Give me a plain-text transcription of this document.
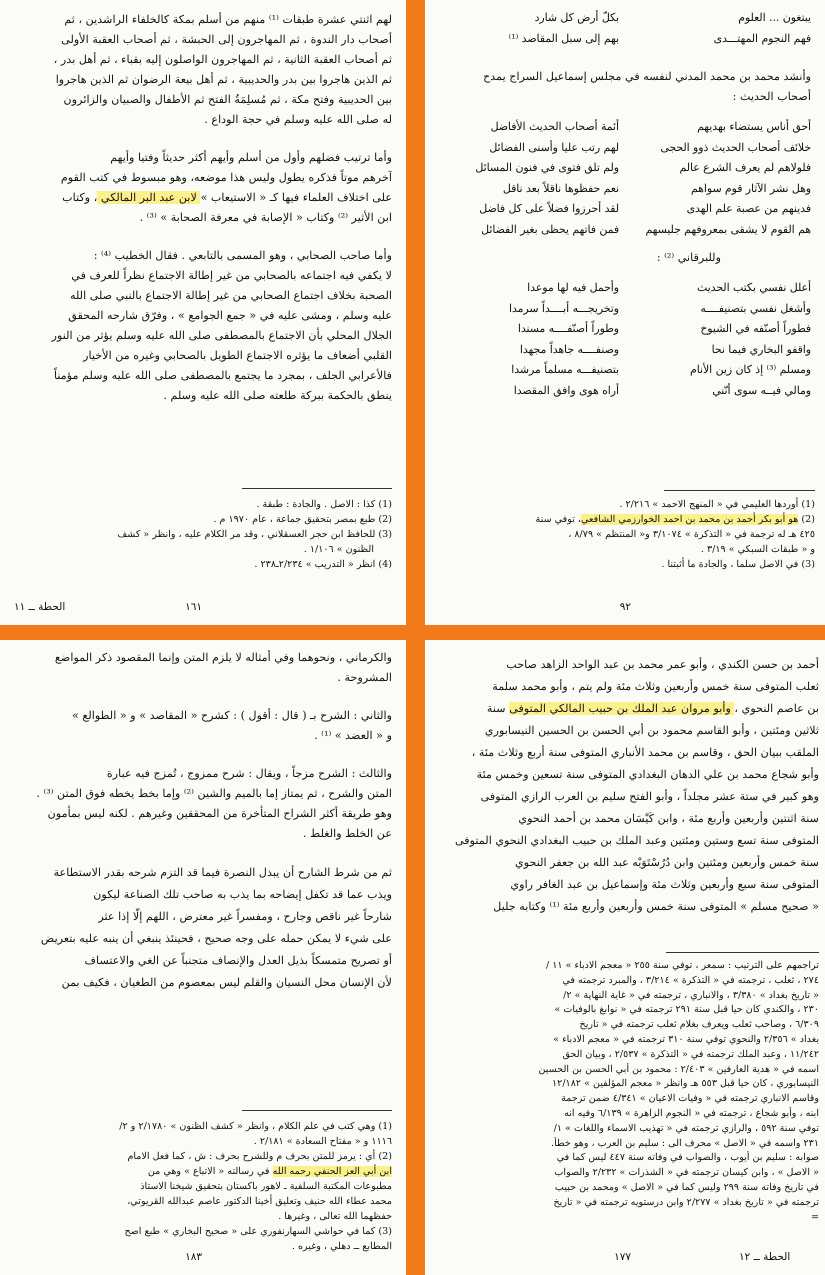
لهم اثنتي عشرة طبقات ⁽¹⁾ منهم من أسلم بمكة كالخلفاء الراشدين ، ثم
أصحاب دار الندوة ، ثم المهاجرون إلى الحبشة ، ثم أصحاب العقبة الأولى
ثم أصحاب العقبة الثانية ، ثم المهاجرون الواصلون إليه بقباء ، ثم أهل بدر ،
ثم الذين هاجروا بين بدر والحديبية ، ثم أهل بيعة الرضوان ثم الذين هاجروا
بين الحديبية وفتح مكة ، ثم مُسلِمَةُ الفتح ثم الأطفال والصبيان والزائرون
له صلى الله عليه وسلم في حجة الوداع .
وأما ترتيب فضلهم وأول من أسلم وأيهم أكثر حديثاً وفتيا وأيهم
آخرهم موتاً فذكره يطول وليس هذا موضعه، وهو مبسوط في كتب القوم
على اختلاف العلماء فيها كـ « الاستيعاب » لابن عبد البر المالكي ، وكتاب
ابن الأثير ⁽²⁾ وكتاب « الإصابة في معرفة الصحابة » ⁽³⁾ .
وأما صاحب الصحابي ، وهو المسمى بالتابعي . فقال الخطيب ⁽⁴⁾ :
لا يكفي فيه اجتماعه بالصحابي من غير إطالة الاجتماع نظراً للعرف في
الصحبة بخلاف اجتماع الصحابي من غير إطالة الاجتماع بالنبي صلى الله
عليه وسلم ، ومشى عليه في « جمع الجوامع » ، وفرّق شارحه المحقق
الجلال المحلي بأن الاجتماع بالمصطفى صلى الله عليه وسلم يؤثر من النور
القلبي أضعاف ما يؤثره الاجتماع الطويل بالصحابي وغيره من الأخيار
فالأعرابي الجلف ، بمجرد ما يجتمع بالمصطفى صلى الله عليه وسلم مؤمناً
ينطق بالحكمة ببركة طلعته صلى الله عليه وسلم .
(1) كذا : الاصل . والجادة : طبقة .
(2) طبع بمصر بتحقيق جماعة ، عام ١٩٧٠ م .
(3) للحافظ ابن حجر العسقلاني ، وقد مر الكلام عليه ، وانظر « كشف
الظنون » ١/١٠٦ .
(4) انظر « التدريب » ٢/٢٣٤ـ٢٣٨ .
١٦١
الحطة ــ ١١
يبتغون ... العلوم
بكلّ أرض كل شارد
فهم النجوم المهتـــدى
بهم إلى سبل المقاصد ⁽¹⁾
وأنشد محمد بن محمد المدني لنفسه في مجلس إسماعيل السراج يمدح
أصحاب الحديث :
أحق أناس يستضاء بهديهم
أئمة أصحاب الحديث الأفاضل
خلائف أصحاب الحديث ذوو الحجى
لهم رتب عليا وأسنى الفضائل
فلولاهم لم يعرف الشرع عالم
ولم تلق فتوى في فنون المسائل
وهل نشر الآثار قوم سواهم
نعم حفظوها ناقلاً بعد ناقل
فدينهم من عصبة علم الهدى
لقد أحرزوا فضلاً على كل فاضل
هم القوم لا يشقى بمعروفهم جليسهم
فمن فاتهم يحظى بغير الفضائل
وللبرقاني ⁽²⁾ :
أعلل نفسي بكتب الحديث
وأحمل فيه لها موعدا
وأشغل نفسي بتصنيفــــه
وتخريجـــه أبــــداً سرمدا
فطوراً أصنّفه في الشيوخ
وطوراً أصنّفــــه مسندا
واقفو البخاري فيما نحا
وصنفــــه جاهداً مجهدا
ومسلم ⁽³⁾ إذ كان زين الأنام
بتصنيفـــه مسلماً مرشدا
ومالي فيــه سوى أنّني
أراه هوى وافق المقصدا
(1) أوردها العليمي في « المنهج الاحمد » ٢/٢١٦ .
(2) هو أبو بكر أحمد بن محمد بن احمد الخوارزمي الشافعي، توفي سنة
٤٢٥ هـ له ترجمة في « التذكرة » ٣/١٠٧٤ و« المنتظم » ٨/٧٩ ،
و « طبقات السبكي » ٣/١٩ .
(3) في الاصل سلما ، والجادة ما أثبتنا .
٩٢
والكرماني ، ونحوهما وفي أمثاله لا يلزم المتن وإنما المقصود ذكر المواضع
المشروحة .
والثاني : الشرح بـ ( قال : أقول ) : كشرح « المقاصد » و « الطوالع »
و « العضد » ⁽¹⁾ .
والثالث : الشرح مزجاً ، ويقال : شرح ممزوج ، تُمزج فيه عبارة
المتن والشرح ، ثم يمتاز إما بالميم والشين ⁽²⁾ وإما بخط يخطه فوق المتن ⁽³⁾ .
وهو طريقة أكثر الشراح المتأخرة من المحققين وغيرهم . لكنه ليس بمأمون
عن الخلط والغلط .
ثم من شرط الشارح أن يبذل النصرة فيما قد التزم شرحه بقدر الاستطاعة
ويذب عما قد تكفل إيضاحه بما يذب به صاحب تلك الصناعة ليكون
شارحاً غير ناقص وجارح ، ومفسراً غير معترض ، اللهم إلّا إذا عثر
على شيء لا يمكن حمله على وجه صحيح ، فحينئذ ينبغي أن ينبه عليه بتعريض
أو تصريح متمسكاً بذيل العدل والإنصاف متجنباً عن الغي والاعتساف
لأن الإنسان محل النسيان والقلم ليس بمعصوم من الطغيان ، فكيف بمن
(1) وهي كتب في علم الكلام ، وانظر « كشف الظنون » ٢/١٧٨٠ و ٢/
١١١٦ و « مفتاح السعادة » ٢/١٨١ .
(2) أي : يرمز للمتن بحرف م وللشرح بحرف : ش ، كما فعل الامام
ابن أبي العز الحنفي رحمه الله في رسالته « الاتباع » وهي من
مطبوعات المكتبة السلفية ـ لاهور باكستان بتحقيق شيخنا الاستاذ
محمد عطاء الله حنيف وتعليق أخينا الدكتور عاصم عبدالله القريوتي،
حفظهما الله تعالى ، وغيرها .
(3) كما في حواشي السهارنفوري على « صحيح البخاري » طبع اصح
المطابع ــ دهلي ، وغيره .
١٨٣
أحمد بن حسن الكندي ، وأبو عمر محمد بن عبد الواحد الزاهد صاحب
ثعلب المتوفى سنة خمس وأربعين وثلاث مئة ولم يتم ، وأبو محمد سلمة
بن عاصم النحوي ، وأبو مروان عبد الملك بن حبيب المالكي المتوفى سنة
ثلاثين ومئتين ، وأبو القاسم محمود بن أبي الحسن بن الحسين النيسابوري
الملقب ببيان الحق ، وقاسم بن محمد الأنباري المتوفى سنة أربع وثلاث مئة ،
وأبو شجاع محمد بن علي الدهان البغدادي المتوفى سنة تسعين وخمس مئة
وهو كبير في ستة عشر مجلداً ، وأبو الفتح سليم بن العرب الرازي المتوفى
سنة اثنتين وأربعين وأربع مئة ، وابن كَيْسَان محمد بن أحمد النحوي
المتوفى سنة تسع وستين ومئتين وعبد الملك بن حبيب البغدادي النحوي المتوفى
سنة خمس وأربعين ومئتين وابن دُرُسْتَوَيْه عبد الله بن جعفر النحوي
المتوفى سنة سبع وأربعين وثلاث مئة وإسماعيل بن عبد الغافر راوي
« صحيح مسلم » المتوفى سنة خمس وأربعين وأربع مئة ⁽¹⁾ وكتابه جليل
تراجمهم على الترتيب : سمعر ، توفي سنة ٢٥٥ « معجم الادباء » ١١ /
٢٧٤ ، ثعلب ، ترجمته في « التذكرة » ٣/٢١٤ ، والمبرد ترجمته في
« تاريخ بغداد » ٣/٣٨٠ ، والانباري ، ترجمته في « غاية النهاية » ٢/
٢٣٠ ، والكندي كان حيا قبل سنة ٢٩١ ترجمته في « نوابغ بالوفيات »
٦/٣٠٩ ، وصاحب ثعلب ويعرف بغلام ثعلب ترجمته في « تاريخ
بغداد » ٢/٣٥٦ والنحوي توفي سنة ٣١٠ ترجمته في « معجم الادباء »
١١/٢٤٢ ، وعبد الملك ترجمته في « التذكرة » ٢/٥٣٧ ، وبيان الحق
اسمه في « هدية العارفين » ٢/٤٠٣ : محمود بن أبي الحسن بن الحسين
النيسابوري ، كان حيا قبل ٥٥٣ هـ وانظر « معجم المؤلفين » ١٢/١٨٢
وقاسم الانباري ترجمته في « وفيات الاعيان » ٤/٣٤١ ضمن ترجمة
ابنه ، وأبو شجاع ، ترجمته في « النجوم الزاهرة » ٦/١٣٩ وفيه انه
توفي سنة ٥٩٢ ، والرازي ترجمته في « تهذيب الاسماء واللغات » ١/
٢٣١ واسمه في « الاصل » محرف الى : سليم بن العرب ، وهو خطأ.
صوابه : سليم بن أيوب ، والصواب في وفاته سنة ٤٤٧ ليس كما في
« الاصل » ، وابن كيسان ترجمته في « الشذرات » ٢/٢٣٢ والصواب
في تاريخ وفاته سنة ٢٩٩ وليس كما في « الاصل » ومحمد بن حبيب
ترجمته في « تاريخ بغداد » ٢/٢٧٧ وابن درستويه ترجمته في « تاريخ
=
١٧٧	الحطة ــ ١٢
